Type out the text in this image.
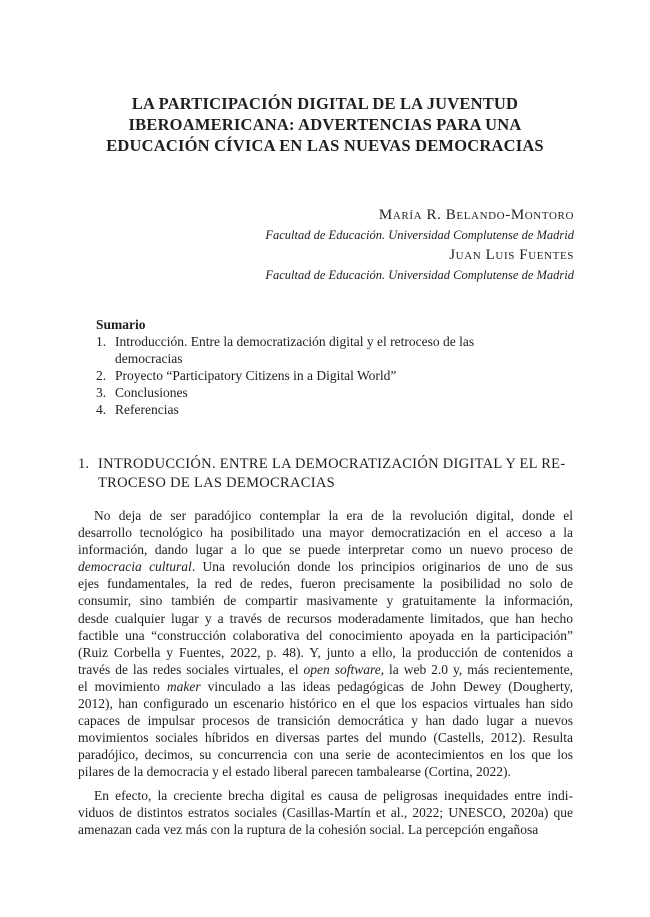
LA PARTICIPACIÓN DIGITAL DE LA JUVENTUD
IBEROAMERICANA: ADVERTENCIAS PARA UNA
EDUCACIÓN CÍVICA EN LAS NUEVAS DEMOCRACIAS
María R. Belando-Montoro
Facultad de Educación. Universidad Complutense de Madrid
Juan Luis Fuentes
Facultad de Educación. Universidad Complutense de Madrid
Sumario
1. Introducción. Entre la democratización digital y el retroceso de las
democracias
2. Proyecto “Participatory Citizens in a Digital World”
3. Conclusiones
4. Referencias
1. INTRODUCCIÓN. ENTRE LA DEMOCRATIZACIÓN DIGITAL Y EL RE-
TROCESO DE LAS DEMOCRACIAS
No deja de ser paradójico contemplar la era de la revolución digital, donde el
desarrollo tecnológico ha posibilitado una mayor democratización en el acceso a la
información, dando lugar a lo que se puede interpretar como un nuevo proceso de
democracia cultural. Una revolución donde los principios originarios de uno de sus
ejes fundamentales, la red de redes, fueron precisamente la posibilidad no solo de
consumir, sino también de compartir masivamente y gratuitamente la información,
desde cualquier lugar y a través de recursos moderadamente limitados, que han hecho
factible una “construcción colaborativa del conocimiento apoyada en la participación”
(Ruiz Corbella y Fuentes, 2022, p. 48). Y, junto a ello, la producción de contenidos a
través de las redes sociales virtuales, el open software, la web 2.0 y, más recientemente,
el movimiento maker vinculado a las ideas pedagógicas de John Dewey (Dougherty,
2012), han configurado un escenario histórico en el que los espacios virtuales han sido
capaces de impulsar procesos de transición democrática y han dado lugar a nuevos
movimientos sociales híbridos en diversas partes del mundo (Castells, 2012). Resulta
paradójico, decimos, su concurrencia con una serie de acontecimientos en los que los
pilares de la democracia y el estado liberal parecen tambalearse (Cortina, 2022).
En efecto, la creciente brecha digital es causa de peligrosas inequidades entre indi-
viduos de distintos estratos sociales (Casillas-Martín et al., 2022; UNESCO, 2020a) que
amenazan cada vez más con la ruptura de la cohesión social. La percepción engañosa
